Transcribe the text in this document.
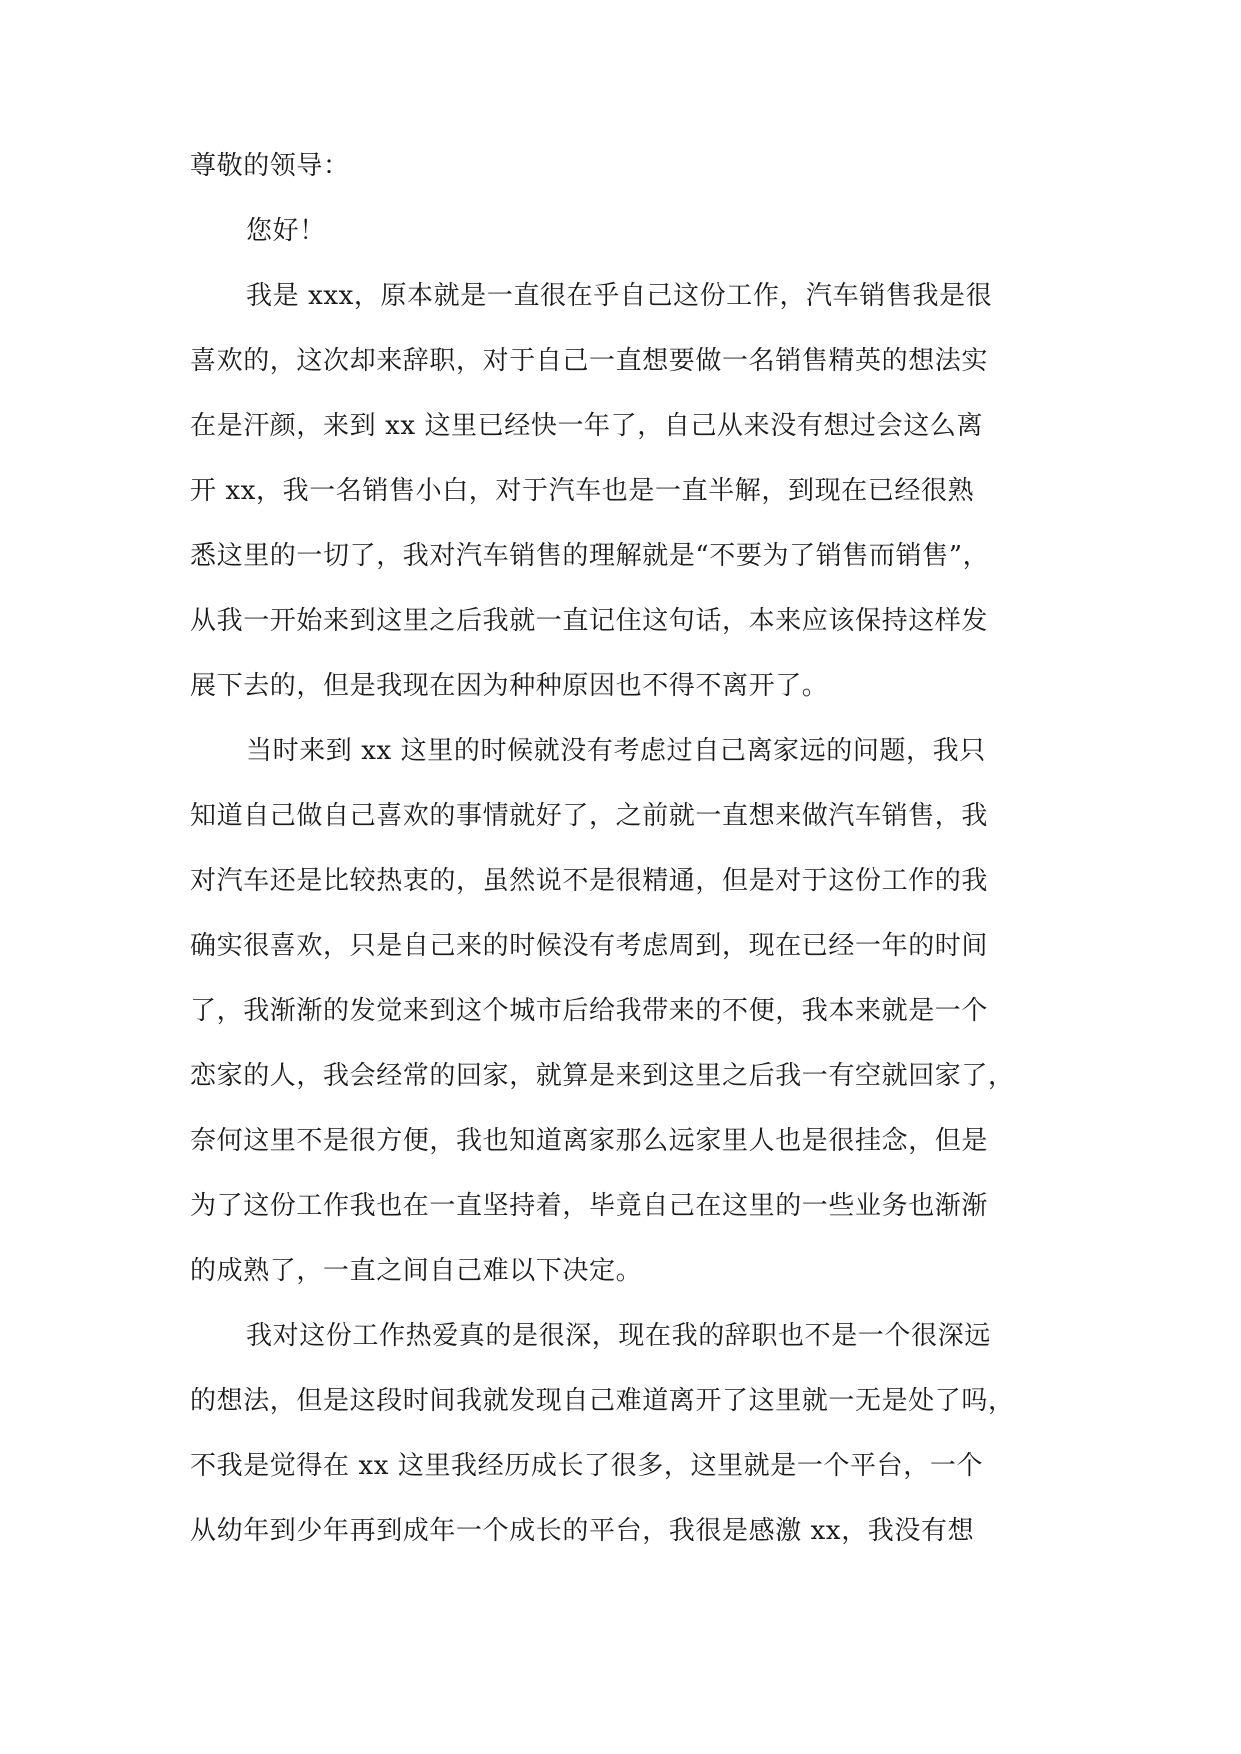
尊敬的领导：

您好！

我是 xxx，原本就是一直很在乎自己这份工作，汽车销售我是很

喜欢的，这次却来辞职，对于自己一直想要做一名销售精英的想法实

在是汗颜，来到 xx 这里已经快一年了，自己从来没有想过会这么离

开 xx，我一名销售小白，对于汽车也是一直半解，到现在已经很熟

悉这里的一切了，我对汽车销售的理解就是“不要为了销售而销售”，

从我一开始来到这里之后我就一直记住这句话，本来应该保持这样发

展下去的，但是我现在因为种种原因也不得不离开了。

当时来到 xx 这里的时候就没有考虑过自己离家远的问题，我只

知道自己做自己喜欢的事情就好了，之前就一直想来做汽车销售，我

对汽车还是比较热衷的，虽然说不是很精通，但是对于这份工作的我

确实很喜欢，只是自己来的时候没有考虑周到，现在已经一年的时间

了，我渐渐的发觉来到这个城市后给我带来的不便，我本来就是一个

恋家的人，我会经常的回家，就算是来到这里之后我一有空就回家了，

奈何这里不是很方便，我也知道离家那么远家里人也是很挂念，但是

为了这份工作我也在一直坚持着，毕竟自己在这里的一些业务也渐渐

的成熟了，一直之间自己难以下决定。

我对这份工作热爱真的是很深，现在我的辞职也不是一个很深远

的想法，但是这段时间我就发现自己难道离开了这里就一无是处了吗，

不我是觉得在 xx 这里我经历成长了很多，这里就是一个平台，一个

从幼年到少年再到成年一个成长的平台，我很是感激 xx，我没有想
